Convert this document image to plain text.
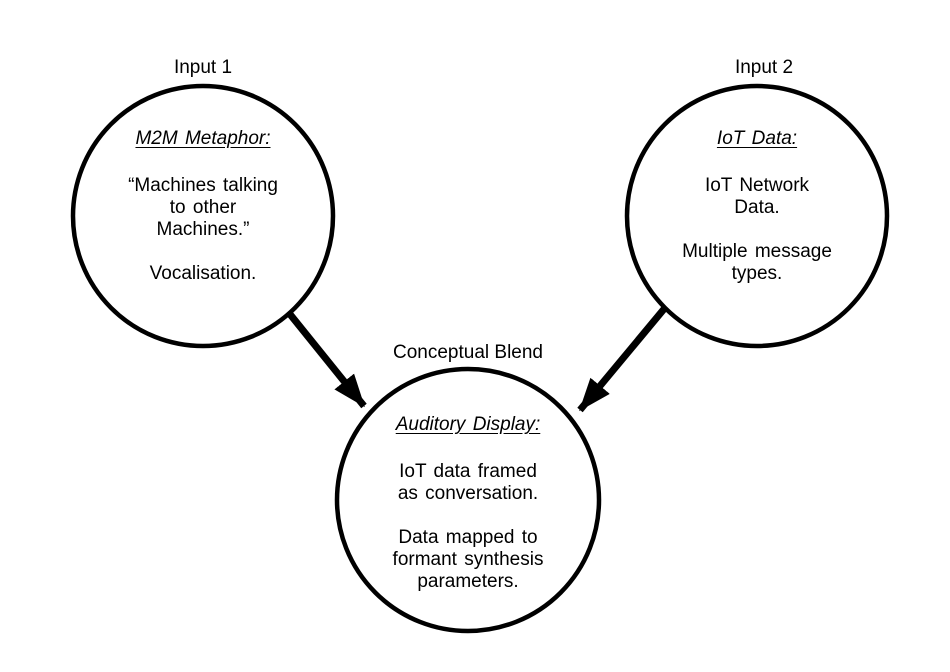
Input 1	Input 2
Conceptual Blend
M2M Metaphor:
“Machines talking
to other
Machines.”
Vocalisation.
IoT Data:
IoT Network
Data.
Multiple message
types.
Auditory Display:
IoT data framed
as conversation.
Data mapped to
formant synthesis
parameters.
